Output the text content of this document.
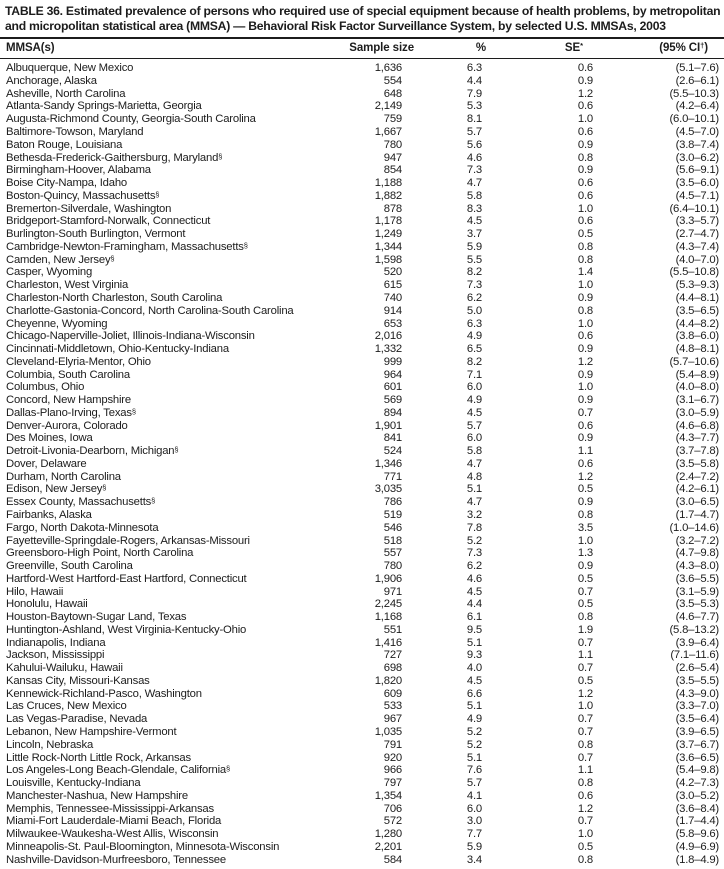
TABLE 36. Estimated prevalence of persons who required use of special equipment because of health problems, by metropolitan
and micropolitan statistical area (MMSA) — Behavioral Risk Factor Surveillance System, by selected U.S. MMSAs, 2003
MMSA(s)	Sample size	%	SE*	(95% CI†)
Albuquerque, New Mexico	1,636	6.3	0.6	(5.1–7.6)
Anchorage, Alaska	554	4.4	0.9	(2.6–6.1)
Asheville, North Carolina	648	7.9	1.2	(5.5–10.3)
Atlanta-Sandy Springs-Marietta, Georgia	2,149	5.3	0.6	(4.2–6.4)
Augusta-Richmond County, Georgia-South Carolina	759	8.1	1.0	(6.0–10.1)
Baltimore-Towson, Maryland	1,667	5.7	0.6	(4.5–7.0)
Baton Rouge, Louisiana	780	5.6	0.9	(3.8–7.4)
Bethesda-Frederick-Gaithersburg, Maryland§	947	4.6	0.8	(3.0–6.2)
Birmingham-Hoover, Alabama	854	7.3	0.9	(5.6–9.1)
Boise City-Nampa, Idaho	1,188	4.7	0.6	(3.5–6.0)
Boston-Quincy, Massachusetts§	1,882	5.8	0.6	(4.5–7.1)
Bremerton-Silverdale, Washington	878	8.3	1.0	(6.4–10.1)
Bridgeport-Stamford-Norwalk, Connecticut	1,178	4.5	0.6	(3.3–5.7)
Burlington-South Burlington, Vermont	1,249	3.7	0.5	(2.7–4.7)
Cambridge-Newton-Framingham, Massachusetts§	1,344	5.9	0.8	(4.3–7.4)
Camden, New Jersey§	1,598	5.5	0.8	(4.0–7.0)
Casper, Wyoming	520	8.2	1.4	(5.5–10.8)
Charleston, West Virginia	615	7.3	1.0	(5.3–9.3)
Charleston-North Charleston, South Carolina	740	6.2	0.9	(4.4–8.1)
Charlotte-Gastonia-Concord, North Carolina-South Carolina	914	5.0	0.8	(3.5–6.5)
Cheyenne, Wyoming	653	6.3	1.0	(4.4–8.2)
Chicago-Naperville-Joliet, Illinois-Indiana-Wisconsin	2,016	4.9	0.6	(3.8–6.0)
Cincinnati-Middletown, Ohio-Kentucky-Indiana	1,332	6.5	0.9	(4.8–8.1)
Cleveland-Elyria-Mentor, Ohio	999	8.2	1.2	(5.7–10.6)
Columbia, South Carolina	964	7.1	0.9	(5.4–8.9)
Columbus, Ohio	601	6.0	1.0	(4.0–8.0)
Concord, New Hampshire	569	4.9	0.9	(3.1–6.7)
Dallas-Plano-Irving, Texas§	894	4.5	0.7	(3.0–5.9)
Denver-Aurora, Colorado	1,901	5.7	0.6	(4.6–6.8)
Des Moines, Iowa	841	6.0	0.9	(4.3–7.7)
Detroit-Livonia-Dearborn, Michigan§	524	5.8	1.1	(3.7–7.8)
Dover, Delaware	1,346	4.7	0.6	(3.5–5.8)
Durham, North Carolina	771	4.8	1.2	(2.4–7.2)
Edison, New Jersey§	3,035	5.1	0.5	(4.2–6.1)
Essex County, Massachusetts§	786	4.7	0.9	(3.0–6.5)
Fairbanks, Alaska	519	3.2	0.8	(1.7–4.7)
Fargo, North Dakota-Minnesota	546	7.8	3.5	(1.0–14.6)
Fayetteville-Springdale-Rogers, Arkansas-Missouri	518	5.2	1.0	(3.2–7.2)
Greensboro-High Point, North Carolina	557	7.3	1.3	(4.7–9.8)
Greenville, South Carolina	780	6.2	0.9	(4.3–8.0)
Hartford-West Hartford-East Hartford, Connecticut	1,906	4.6	0.5	(3.6–5.5)
Hilo, Hawaii	971	4.5	0.7	(3.1–5.9)
Honolulu, Hawaii	2,245	4.4	0.5	(3.5–5.3)
Houston-Baytown-Sugar Land, Texas	1,168	6.1	0.8	(4.6–7.7)
Huntington-Ashland, West Virginia-Kentucky-Ohio	551	9.5	1.9	(5.8–13.2)
Indianapolis, Indiana	1,416	5.1	0.7	(3.9–6.4)
Jackson, Mississippi	727	9.3	1.1	(7.1–11.6)
Kahului-Wailuku, Hawaii	698	4.0	0.7	(2.6–5.4)
Kansas City, Missouri-Kansas	1,820	4.5	0.5	(3.5–5.5)
Kennewick-Richland-Pasco, Washington	609	6.6	1.2	(4.3–9.0)
Las Cruces, New Mexico	533	5.1	1.0	(3.3–7.0)
Las Vegas-Paradise, Nevada	967	4.9	0.7	(3.5–6.4)
Lebanon, New Hampshire-Vermont	1,035	5.2	0.7	(3.9–6.5)
Lincoln, Nebraska	791	5.2	0.8	(3.7–6.7)
Little Rock-North Little Rock, Arkansas	920	5.1	0.7	(3.6–6.5)
Los Angeles-Long Beach-Glendale, California§	966	7.6	1.1	(5.4–9.8)
Louisville, Kentucky-Indiana	797	5.7	0.8	(4.2–7.3)
Manchester-Nashua, New Hampshire	1,354	4.1	0.6	(3.0–5.2)
Memphis, Tennessee-Mississippi-Arkansas	706	6.0	1.2	(3.6–8.4)
Miami-Fort Lauderdale-Miami Beach, Florida	572	3.0	0.7	(1.7–4.4)
Milwaukee-Waukesha-West Allis, Wisconsin	1,280	7.7	1.0	(5.8–9.6)
Minneapolis-St. Paul-Bloomington, Minnesota-Wisconsin	2,201	5.9	0.5	(4.9–6.9)
Nashville-Davidson-Murfreesboro, Tennessee	584	3.4	0.8	(1.8–4.9)
